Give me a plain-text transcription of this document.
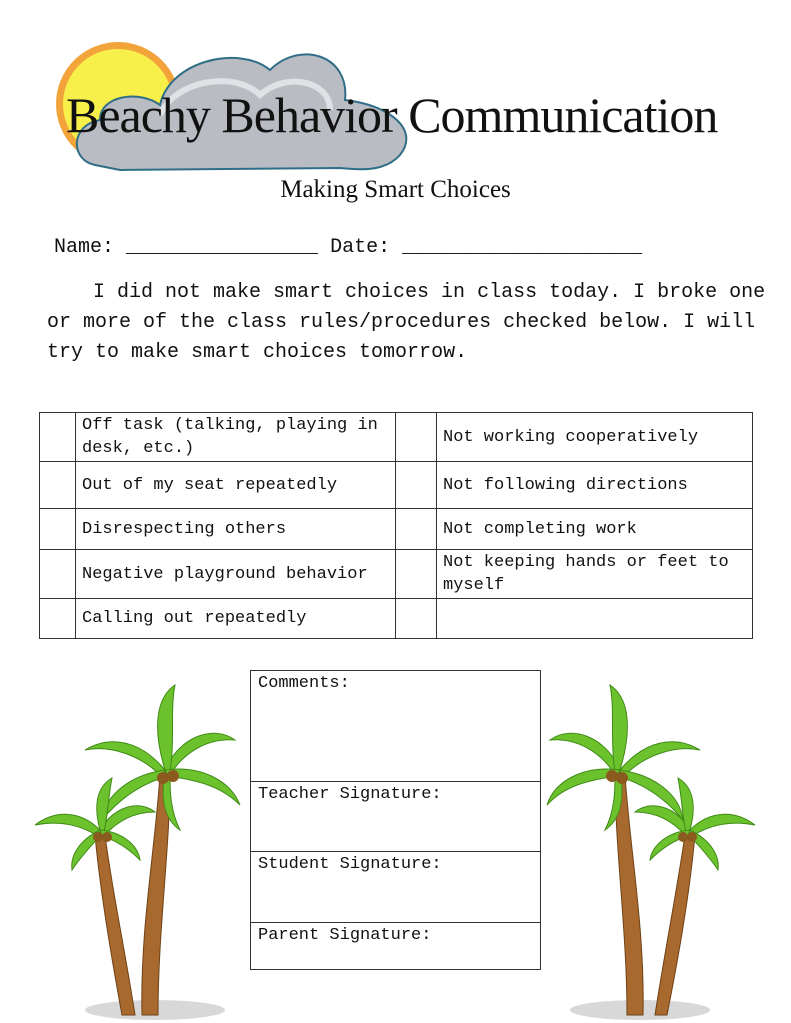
Beachy Behavior Communication
Making Smart Choices
Name: ________________ Date: ____________________
I did not make smart choices in class today. I broke one or more of the class rules/procedures checked below. I will try to make smart choices tomorrow.
	Off task (talking, playing in desk, etc.)		Not working cooperatively
	Out of my seat repeatedly		Not following directions
	Disrespecting others		Not completing work
	Negative playground behavior		Not keeping hands or feet to myself
	Calling out repeatedly		
Comments:
Teacher Signature:
Student Signature:
Parent Signature:
